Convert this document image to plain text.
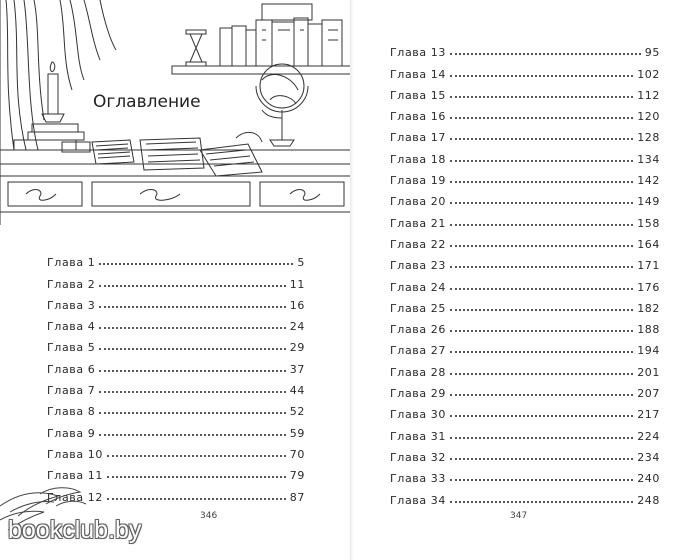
Оглавление
Глава 1	5
Глава 2	11
Глава 3	16
Глава 4	24
Глава 5	29
Глава 6	37
Глава 7	44
Глава 8	52
Глава 9	59
Глава 10	70
Глава 11	79
Глава 12	87
bookclub.by	346
Глава 13	95
Глава 14	102
Глава 15	112
Глава 16	120
Глава 17	128
Глава 18	134
Глава 19	142
Глава 20	149
Глава 21	158
Глава 22	164
Глава 23	171
Глава 24	176
Глава 25	182
Глава 26	188
Глава 27	194
Глава 28	201
Глава 29	207
Глава 30	217
Глава 31	224
Глава 32	234
Глава 33	240
Глава 34	248
347
